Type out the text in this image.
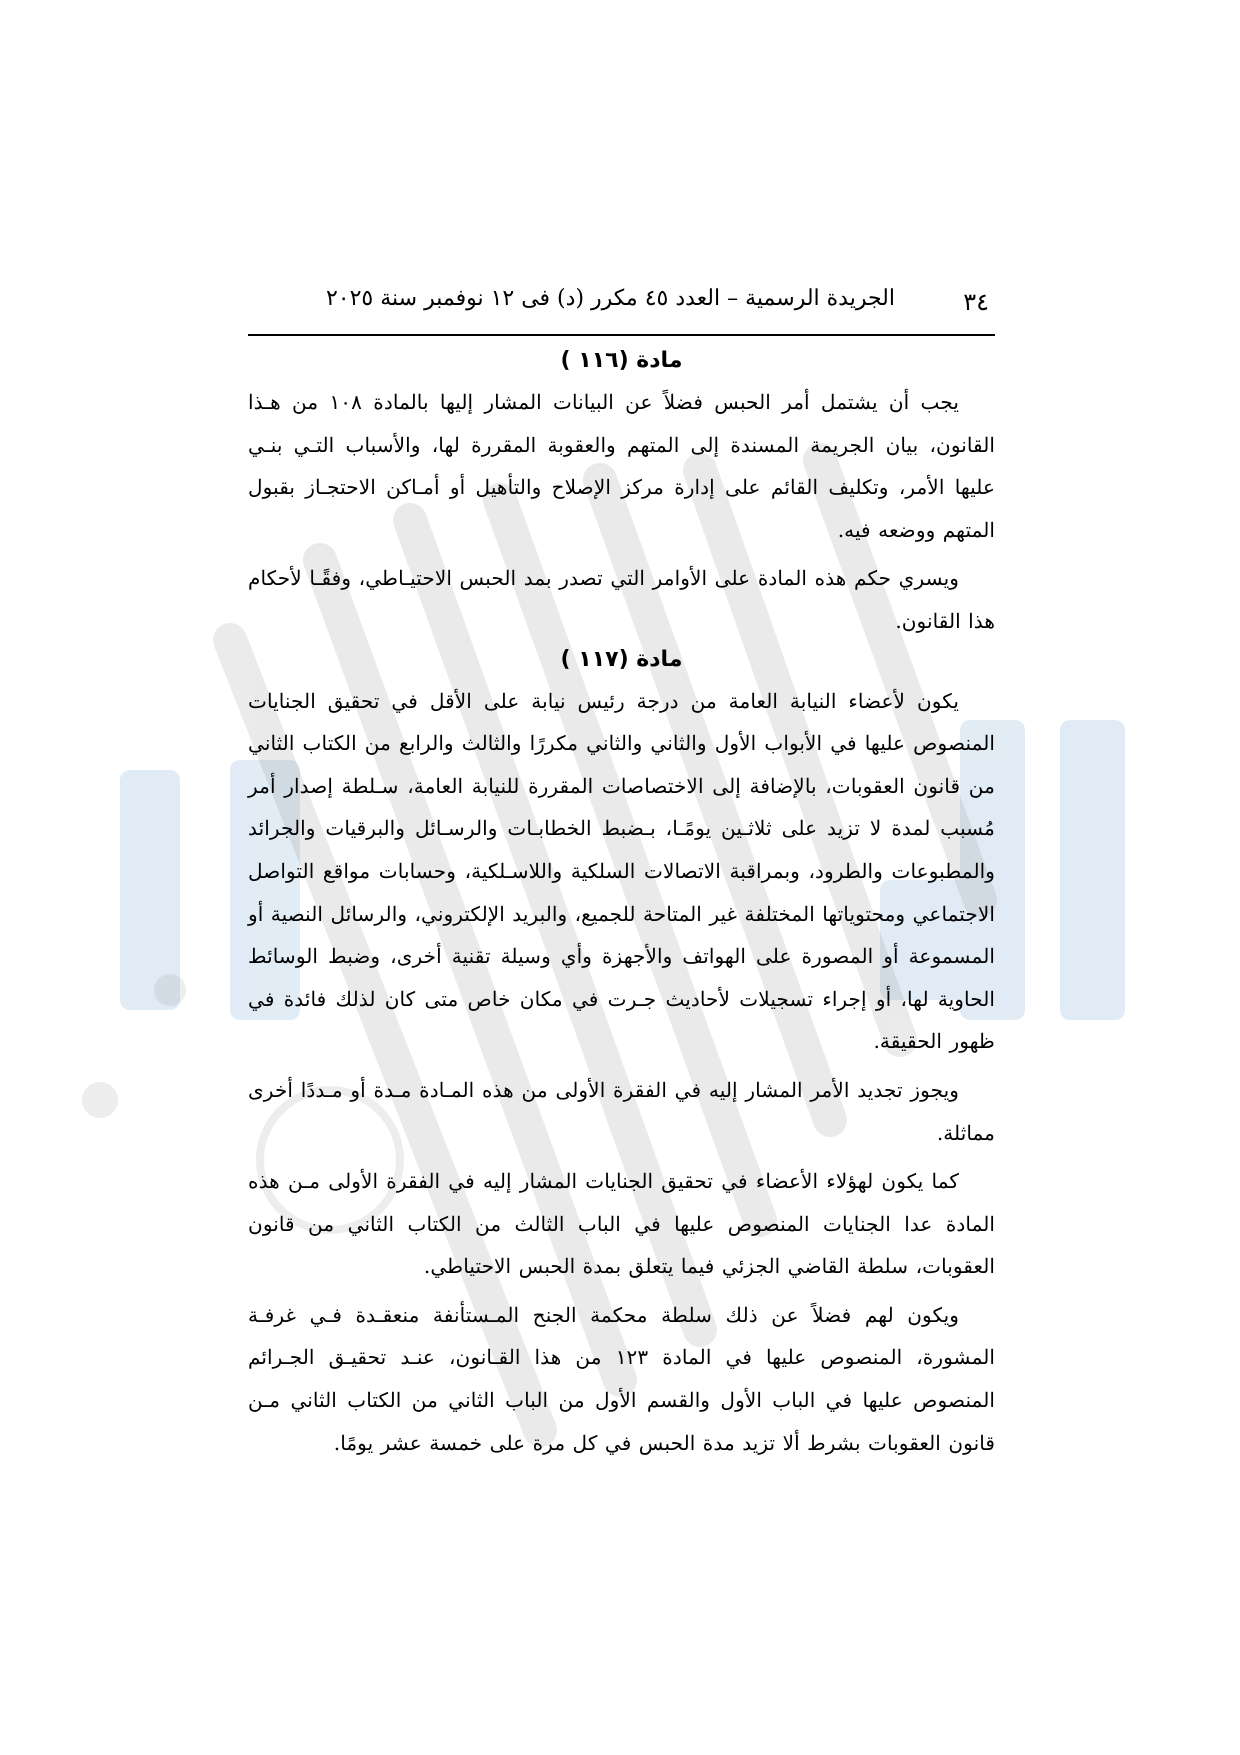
٣٤
الجريدة الرسمية – العدد ٤٥ مكرر (د) فى ١٢ نوفمبر سنة ٢٠٢٥
مادة (١١٦ )

يجب أن يشتمل أمر الحبس فضلاً عن البيانات المشار إليها بالمادة ١٠٨ من هـذا القانون، بيان الجريمة المسندة إلى المتهم والعقوبة المقررة لها، والأسباب التـي بنـي عليها الأمر، وتكليف القائم على إدارة مركز الإصلاح والتأهيل أو أمـاكن الاحتجـاز بقبول المتهم ووضعه فيه.

ويسري حكم هذه المادة على الأوامر التي تصدر بمد الحبس الاحتيـاطي، وفقًـا لأحكام هذا القانون.

مادة (١١٧ )

يكون لأعضاء النيابة العامة من درجة رئيس نيابة على الأقل في تحقيق الجنايات المنصوص عليها في الأبواب الأول والثاني والثاني مكررًا والثالث والرابع من الكتاب الثاني من قانون العقوبات، بالإضافة إلى الاختصاصات المقررة للنيابة العامة، سـلطة إصدار أمر مُسبب لمدة لا تزيد على ثلاثـين يومًـا، بـضبط الخطابـات والرسـائل والبرقيات والجرائد والمطبوعات والطرود، وبمراقبة الاتصالات السلكية واللاسـلكية، وحسابات مواقع التواصل الاجتماعي ومحتوياتها المختلفة غير المتاحة للجميع، والبريد الإلكتروني، والرسائل النصية أو المسموعة أو المصورة على الهواتف والأجهزة وأي وسيلة تقنية أخرى، وضبط الوسائط الحاوية لها، أو إجراء تسجيلات لأحاديث جـرت في مكان خاص متى كان لذلك فائدة في ظهور الحقيقة.

ويجوز تجديد الأمر المشار إليه في الفقرة الأولى من هذه المـادة مـدة أو مـددًا أخرى مماثلة.

كما يكون لهؤلاء الأعضاء في تحقيق الجنايات المشار إليه في الفقرة الأولى مـن هذه المادة عدا الجنايات المنصوص عليها في الباب الثالث من الكتاب الثاني من قانون العقوبات، سلطة القاضي الجزئي فيما يتعلق بمدة الحبس الاحتياطي.

ويكون لهم فضلاً عن ذلك سلطة محكمة الجنح المـستأنفة منعقـدة فـي غرفـة المشورة، المنصوص عليها في المادة ١٢٣ من هذا القـانون، عنـد تحقيـق الجـرائم المنصوص عليها في الباب الأول والقسم الأول من الباب الثاني من الكتاب الثاني مـن قانون العقوبات بشرط ألا تزيد مدة الحبس في كل مرة على خمسة عشر يومًا.
